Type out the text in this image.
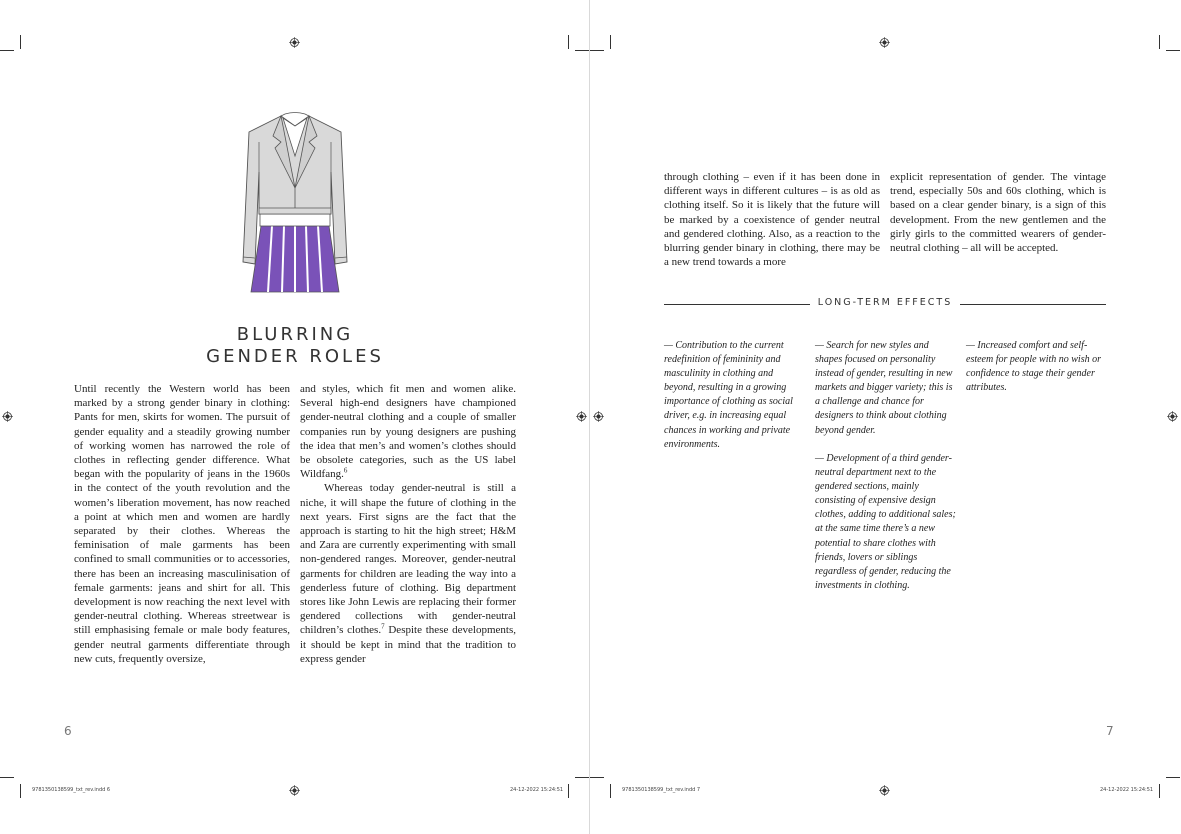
BLURRING
GENDER ROLES

Until recently the Western world has been marked by a strong gender binary in clothing: Pants for men, skirts for women. The pursuit of gender equality and a steadily growing number of working women has narrowed the role of clothes in reflecting gender difference. What began with the popularity of jeans in the 1960s in the contect of the youth revolution and the women’s liberation movement, has now reached a point at which men and women are hardly separated by their clothes. Whereas the feminisation of male garments has been confined to small communities or to accessories, there has been an increasing masculinisation of female garments: jeans and shirt for all. This development is now reaching the next level with gender-neutral clothing. Whereas streetwear is still emphasising female or male body features, gender neutral garments differentiate through new cuts, frequently oversize,

and styles, which fit men and women alike. Several high-end designers have championed gender-neutral clothing and a couple of smaller companies run by young designers are pushing the idea that men’s and women’s clothes should be obsolete categories, such as the US label Wildfang.$^6$

Whereas today gender-neutral is still a niche, it will shape the future of clothing in the next years. First signs are the fact that the approach is starting to hit the high street; H&M and Zara are currently experimenting with small non-gendered ranges. Moreover, gender-neutral garments for children are leading the way into a genderless future of clothing. Big department stores like John Lewis are replacing their former gendered collections with gender-neutral children’s clothes.$^7$ Despite these developments, it should be kept in mind that the tradition to express gender

6
9781350138599_txt_rev.indd 6	24-12-2022 15:24:51

through clothing – even if it has been done in different ways in different cultures – is as old as clothing itself. So it is likely that the future will be marked by a coexistence of gender neutral and gendered clothing. Also, as a reaction to the blurring gender binary in clothing, there may be a new trend towards a more

explicit representation of gender. The vintage trend, especially 50s and 60s clothing, which is based on a clear gender binary, is a sign of this development. From the new gentlemen and the girly girls to the committed wearers of gender-neutral clothing – all will be accepted.

LONG-TERM EFFECTS

— Contribution to the current redefinition of femininity and masculinity in clothing and beyond, resulting in a growing importance of clothing as social driver, e.g. in increasing equal chances in working and private environments.

— Search for new styles and shapes focused on personality instead of gender, resulting in new markets and bigger variety; this is a challenge and chance for designers to think about clothing beyond gender.

— Development of a third gender-neutral department next to the gendered sections, mainly consisting of expensive design clothes, adding to additional sales; at the same time there’s a new potential to share clothes with friends, lovers or siblings regardless of gender, reducing the investments in clothing.

— Increased comfort and self-esteem for people with no wish or confidence to stage their gender attributes.

7
9781350138599_txt_rev.indd 7	24-12-2022 15:24:51
